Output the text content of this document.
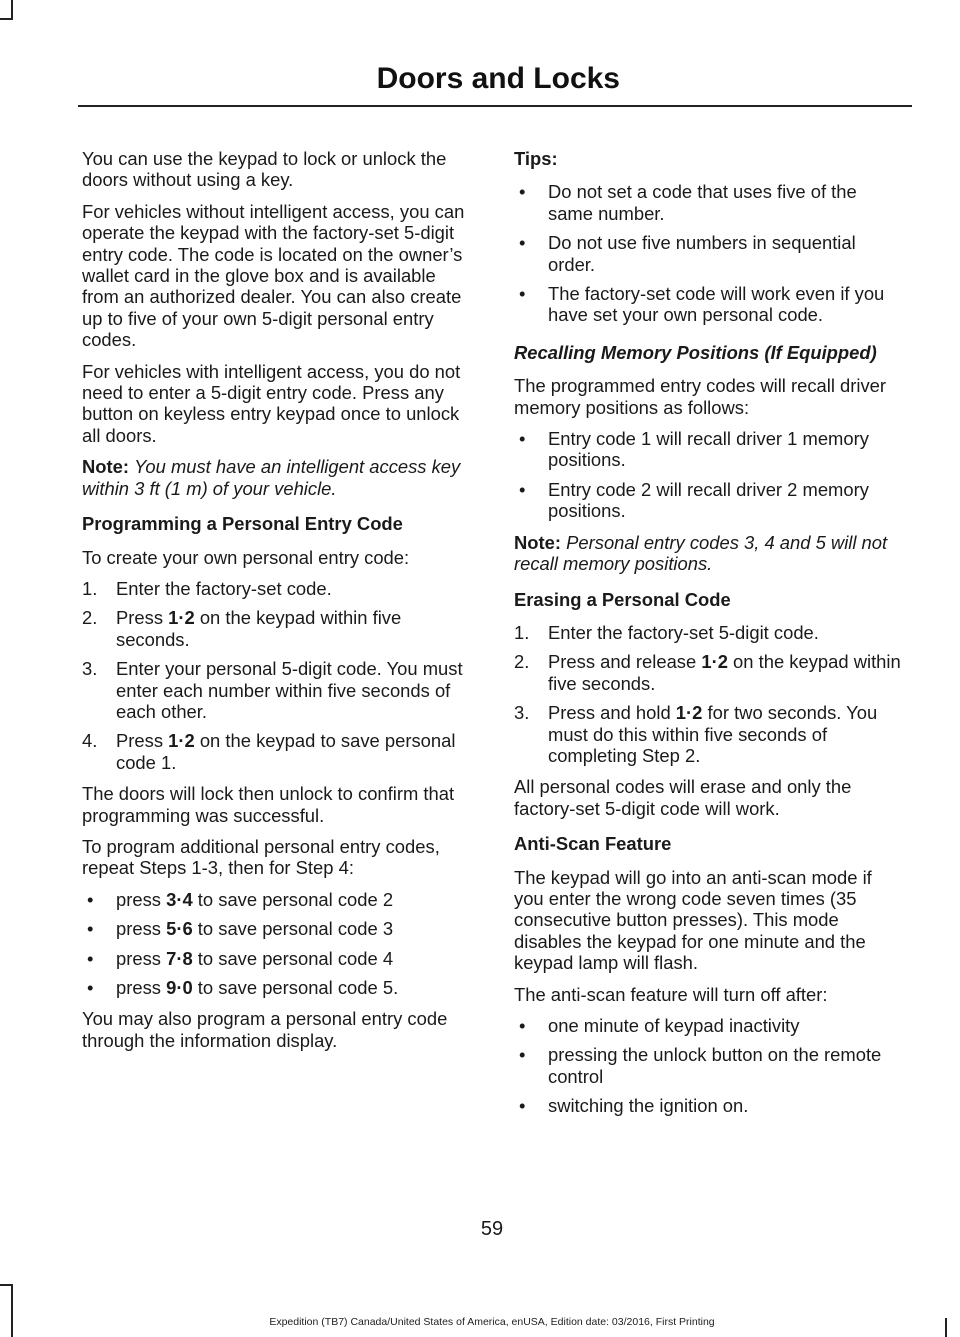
Doors and Locks

You can use the keypad to lock or unlock the doors without using a key.

For vehicles without intelligent access, you can operate the keypad with the factory-set 5-digit entry code. The code is located on the owner’s wallet card in the glove box and is available from an authorized dealer. You can also create up to five of your own 5-digit personal entry codes.

For vehicles with intelligent access, you do not need to enter a 5-digit entry code. Press any button on keyless entry keypad once to unlock all doors.

Note: You must have an intelligent access key within 3 ft (1 m) of your vehicle.

Programming a Personal Entry Code

To create your own personal entry code:

1.	Enter the factory-set code.
2.	Press 1·2 on the keypad within five seconds.
3.	Enter your personal 5-digit code. You must enter each number within five seconds of each other.
4.	Press 1·2 on the keypad to save personal code 1.

The doors will lock then unlock to confirm that programming was successful.

To program additional personal entry codes, repeat Steps 1-3, then for Step 4:

•	press 3·4 to save personal code 2
•	press 5·6 to save personal code 3
•	press 7·8 to save personal code 4
•	press 9·0 to save personal code 5.

You may also program a personal entry code through the information display.

Tips:
•	Do not set a code that uses five of the same number.
•	Do not use five numbers in sequential order.
•	The factory-set code will work even if you have set your own personal code.
Recalling Memory Positions (If Equipped)

The programmed entry codes will recall driver memory positions as follows:

•	Entry code 1 will recall driver 1 memory positions.
•	Entry code 2 will recall driver 2 memory positions.

Note: Personal entry codes 3, 4 and 5 will not recall memory positions.

Erasing a Personal Code
1.	Enter the factory-set 5-digit code.
2.	Press and release 1·2 on the keypad within five seconds.
3.	Press and hold 1·2 for two seconds. You must do this within five seconds of completing Step 2.

All personal codes will erase and only the factory-set 5-digit code will work.

Anti-Scan Feature

The keypad will go into an anti-scan mode if you enter the wrong code seven times (35 consecutive button presses). This mode disables the keypad for one minute and the keypad lamp will flash.

The anti-scan feature will turn off after:

•	one minute of keypad inactivity
•	pressing the unlock button on the remote control
•	switching the ignition on.
59
Expedition (TB7) Canada/United States of America, enUSA, Edition date: 03/2016, First Printing
